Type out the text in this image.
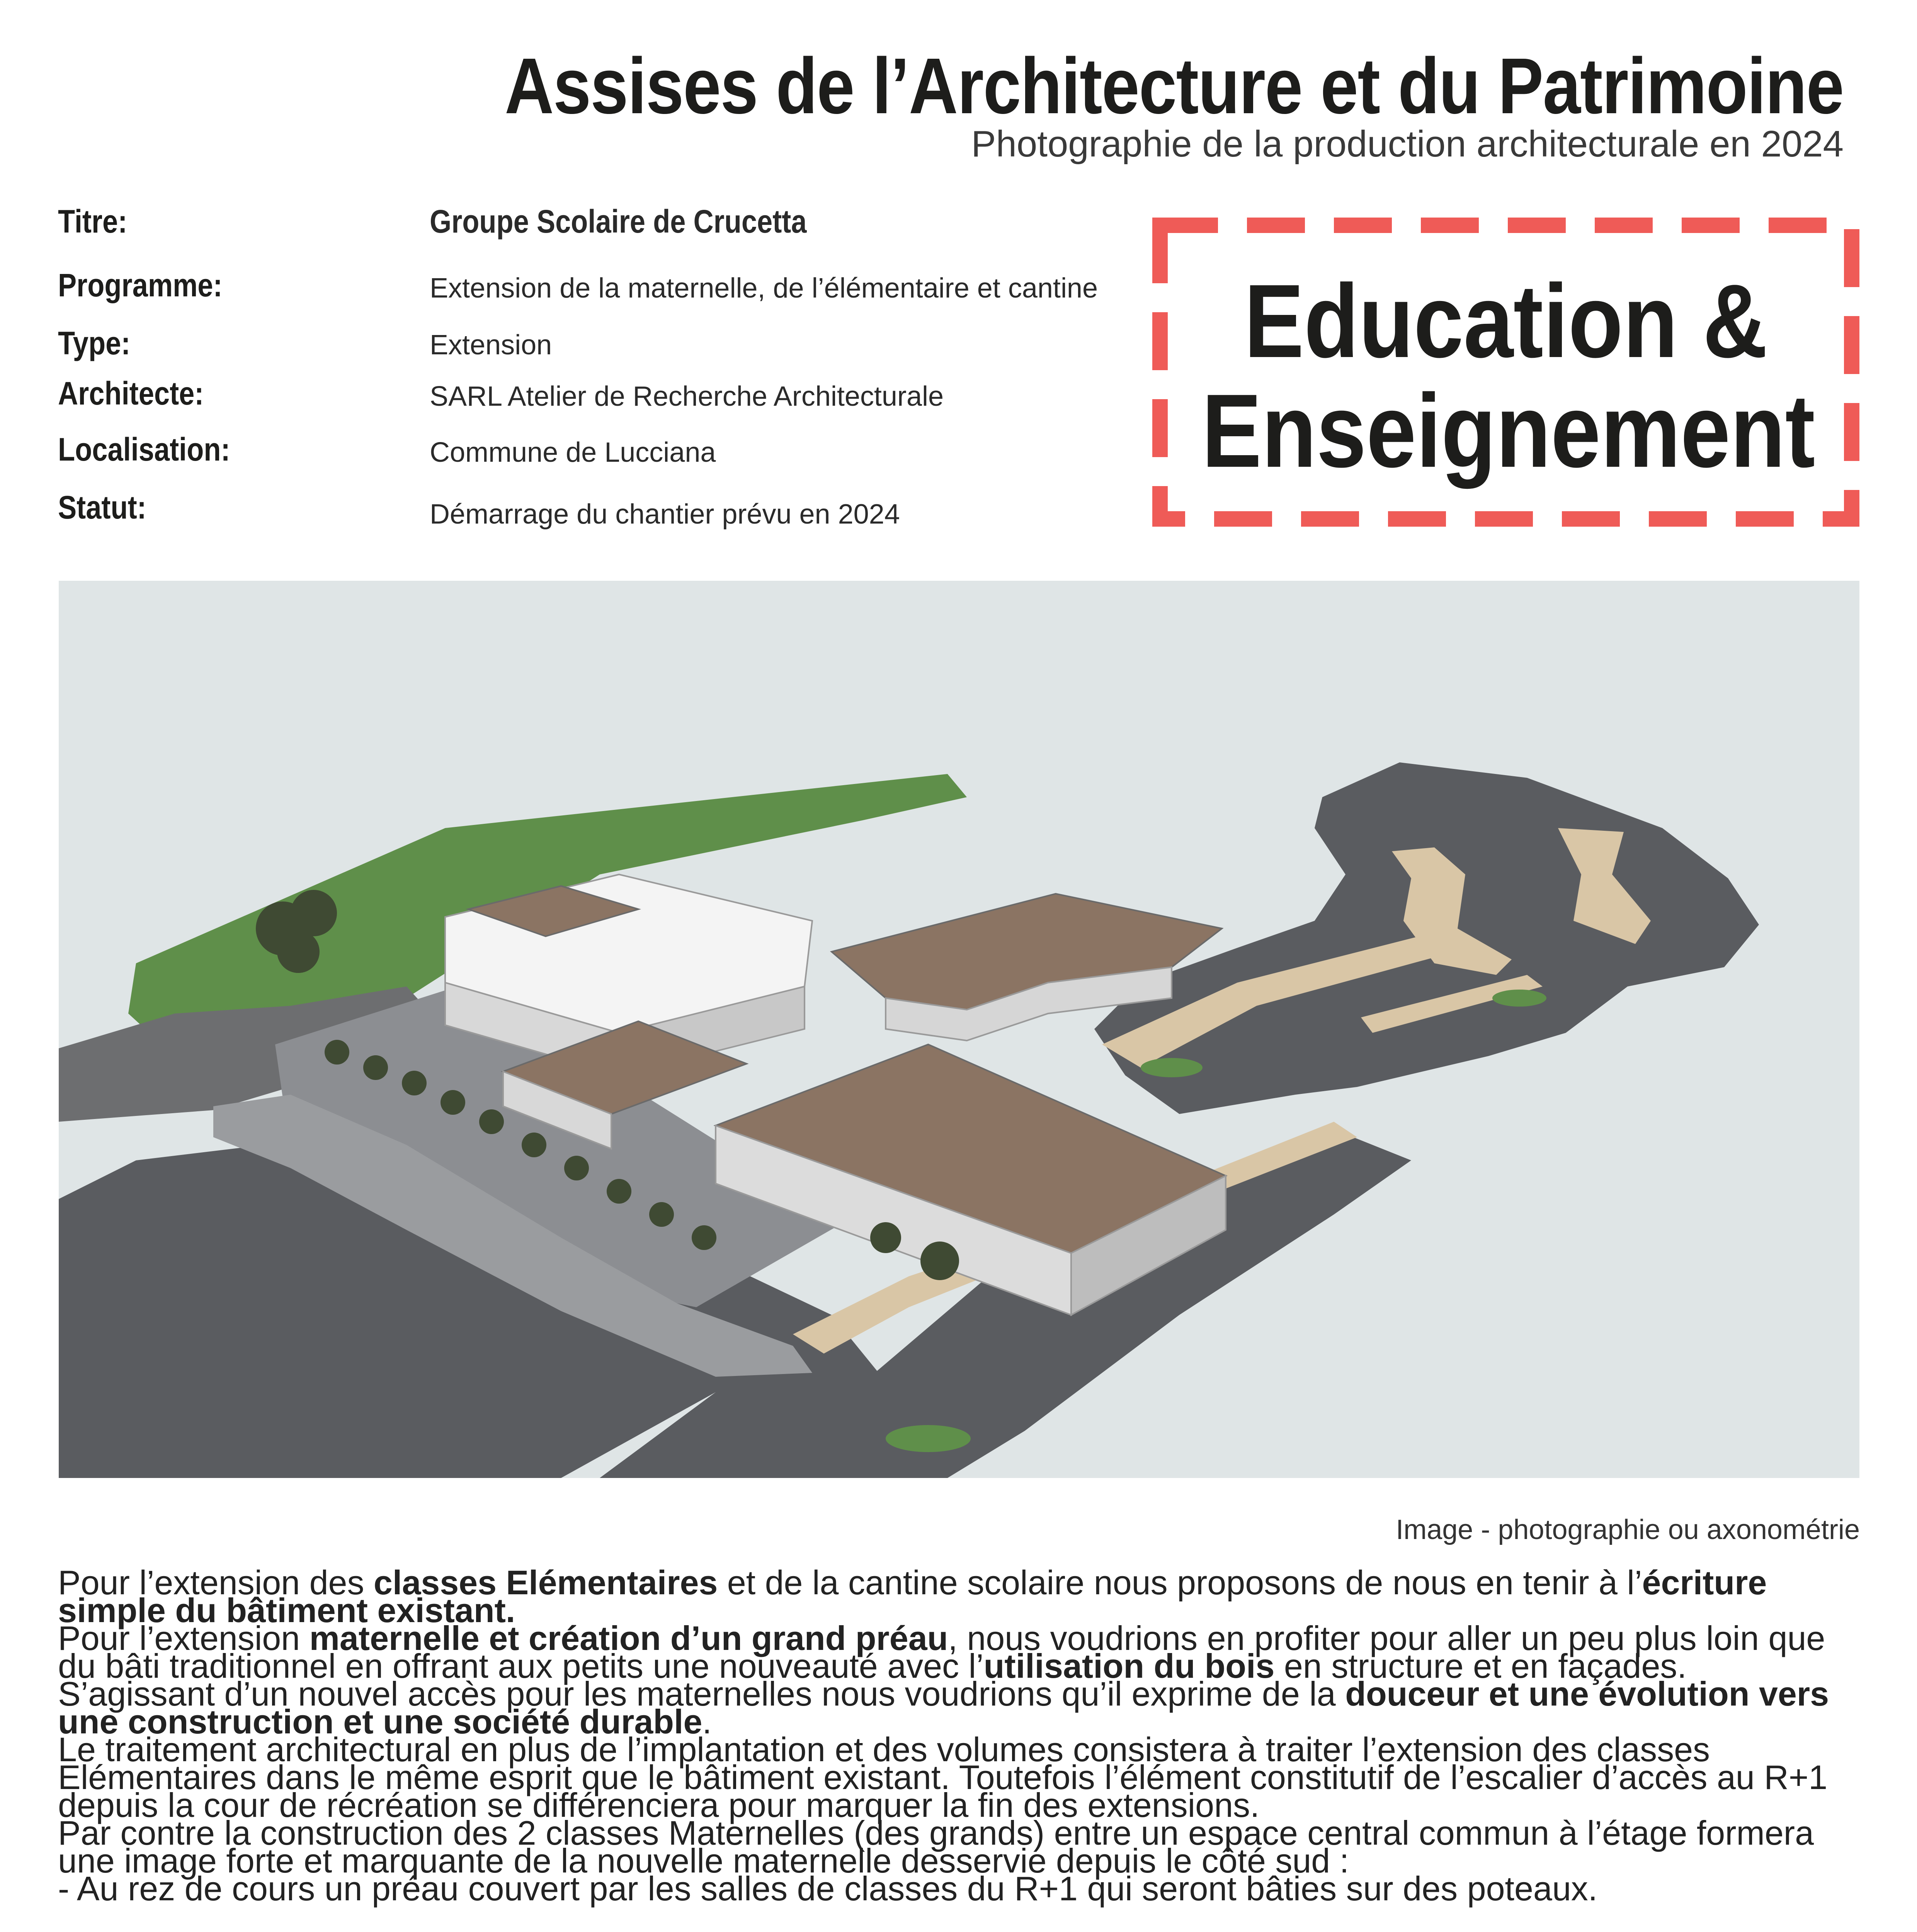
Assises de l’Architecture et du Patrimoine
Photographie de la production architecturale en 2024
Titre:	Groupe Scolaire de Crucetta
Programme:	Extension de la maternelle, de l’élémentaire et cantine
Type:	Extension
Architecte:	SARL Atelier de Recherche Architecturale
Localisation:	Commune de Lucciana
Statut:	Démarrage du chantier prévu en 2024
Education &
Enseignement
Image - photographie ou axonométrie

Pour l’extension des classes Elémentaires et de la cantine scolaire nous proposons de nous en tenir à l’écriture simple du bâtiment existant.

Pour l’extension maternelle et création d’un grand préau, nous voudrions en profiter pour aller un peu plus loin que du bâti traditionnel en offrant aux petits une nouveauté avec l’utilisation du bois en structure et en façades.

S’agissant d’un nouvel accès pour les maternelles nous voudrions qu’il exprime de la douceur et une évolution vers une construction et une société durable.

Le traitement architectural en plus de l’implantation et des volumes consistera à traiter l’extension des classes Elémentaires dans le même esprit que le bâtiment existant. Toutefois l’élément constitutif de l’escalier d’accès au R+1 depuis la cour de récréation se différenciera pour marquer la fin des extensions.

Par contre la construction des 2 classes Maternelles (des grands) entre un espace central commun à l’étage formera une image forte et marquante de la nouvelle maternelle desservie depuis le côté sud :

- Au rez de cours un préau couvert par les salles de classes du R+1 qui seront bâties sur des poteaux.
